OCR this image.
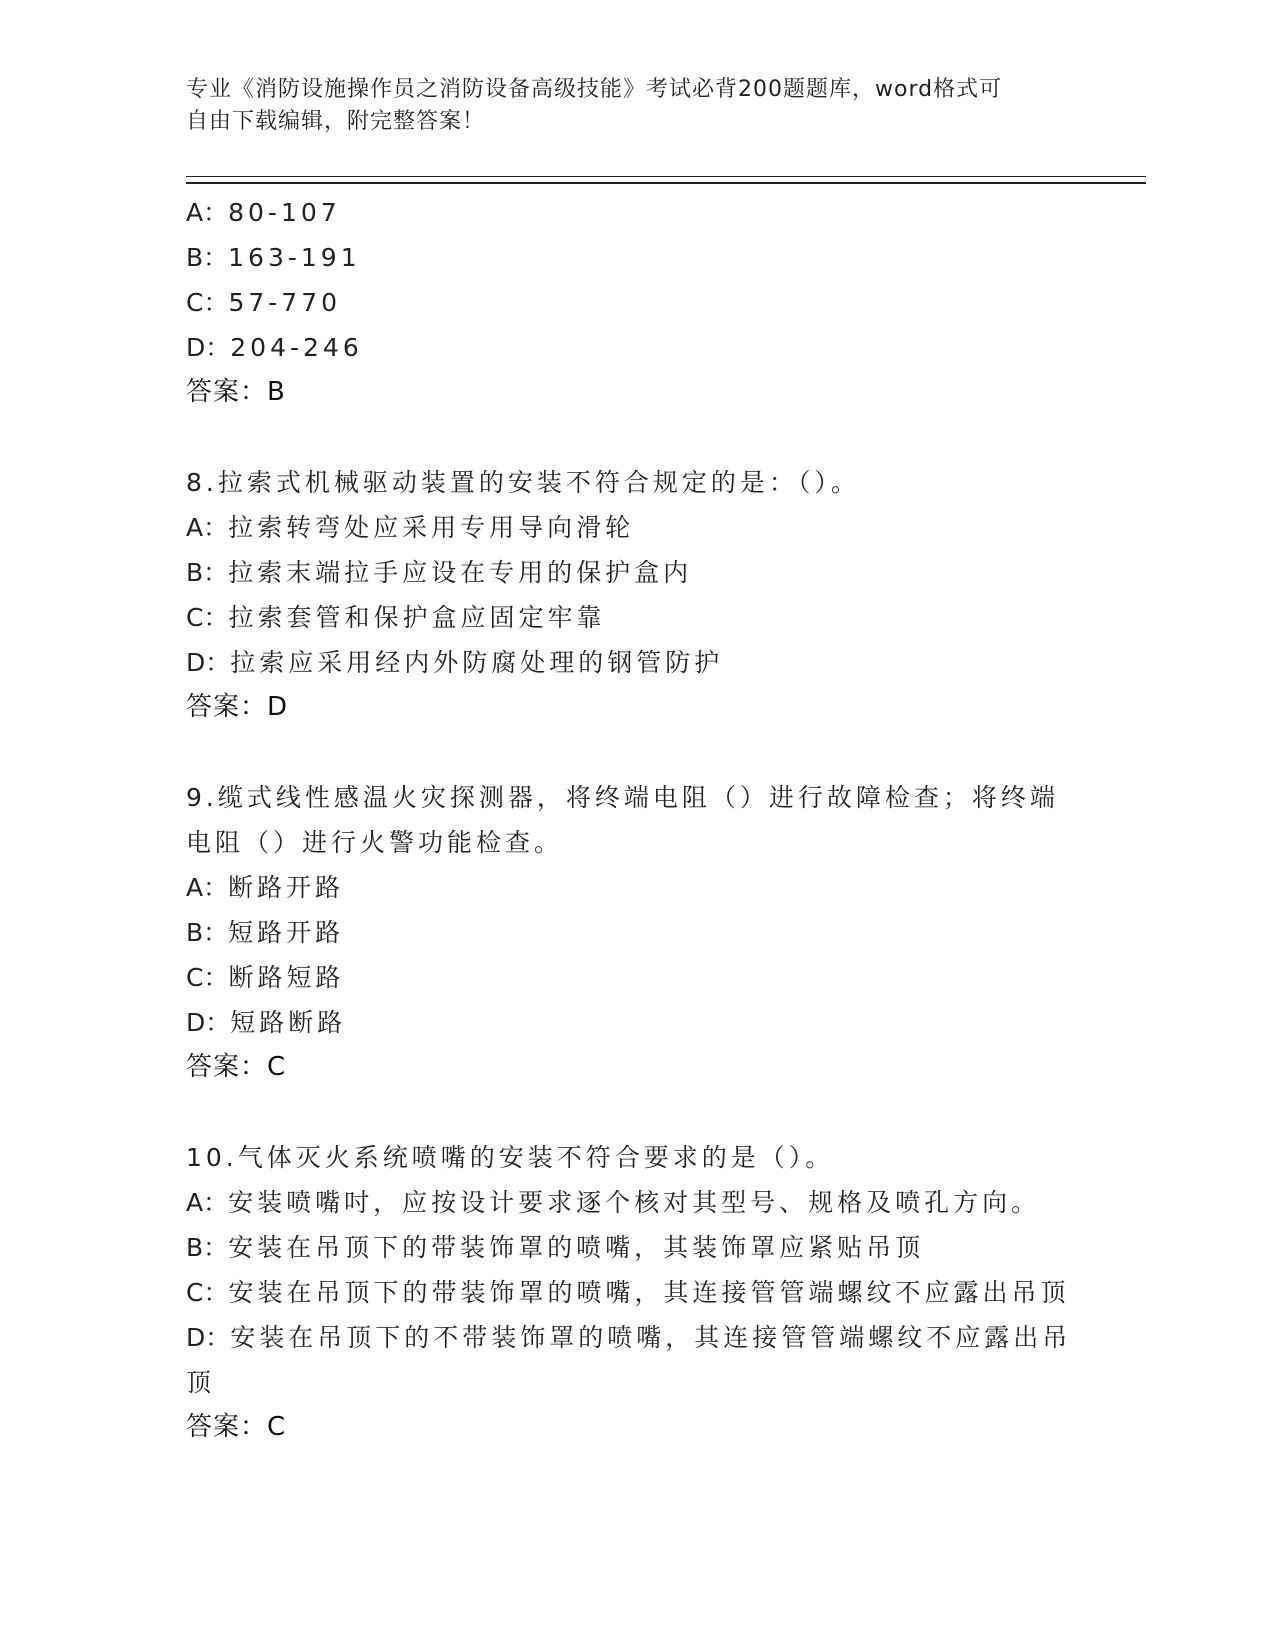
专业《消防设施操作员之消防设备高级技能》考试必背200题题库，word格式可
自由下载编辑，附完整答案！
A：80-107
B：163-191
C：57-770
D：204-246
答案：B
8.拉索式机械驱动装置的安装不符合规定的是：（）。
A：拉索转弯处应采用专用导向滑轮
B：拉索末端拉手应设在专用的保护盒内
C：拉索套管和保护盒应固定牢靠
D：拉索应采用经内外防腐处理的钢管防护
答案：D
9.缆式线性感温火灾探测器，将终端电阻（）进行故障检查；将终端
电阻（）进行火警功能检查。
A：断路开路
B：短路开路
C：断路短路
D：短路断路
答案：C
10.气体灭火系统喷嘴的安装不符合要求的是（）。
A：安装喷嘴吋，应按设计要求逐个核对其型号、规格及喷孔方向。
B：安装在吊顶下的带装饰罩的喷嘴，其装饰罩应紧贴吊顶
C：安装在吊顶下的带装饰罩的喷嘴，其连接管管端螺纹不应露出吊顶
D：安装在吊顶下的不带装饰罩的喷嘴，其连接管管端螺纹不应露出吊
顶
答案：C
